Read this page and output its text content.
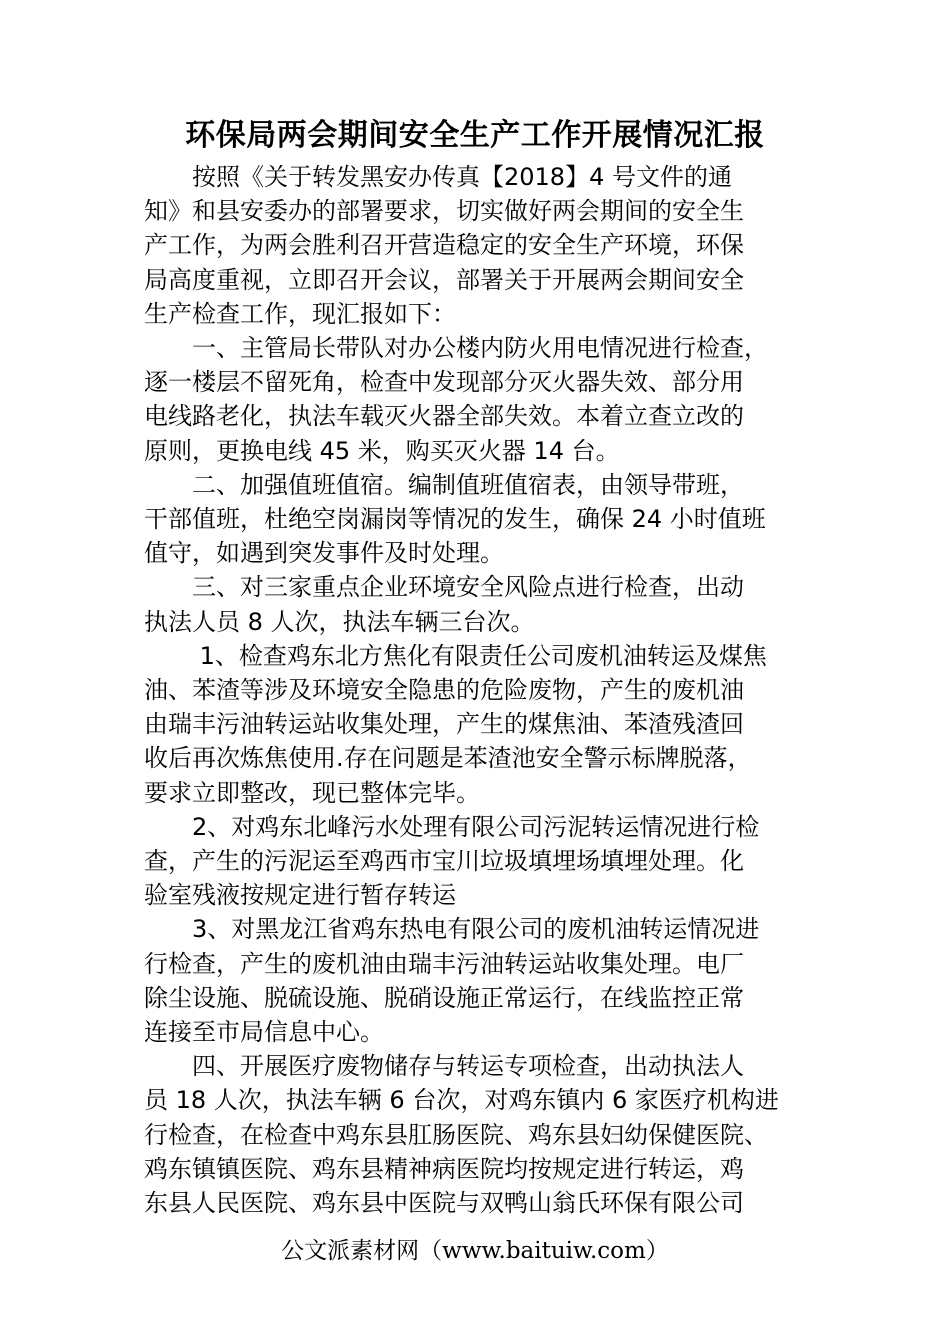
环保局两会期间安全生产工作开展情况汇报
　　按照《关于转发黑安办传真【2018】4 号文件的通
知》和县安委办的部署要求，切实做好两会期间的安全生
产工作，为两会胜利召开营造稳定的安全生产环境，环保
局高度重视，立即召开会议，部署关于开展两会期间安全
生产检查工作，现汇报如下：
　　一、主管局长带队对办公楼内防火用电情况进行检查，
逐一楼层不留死角，检查中发现部分灭火器失效、部分用
电线路老化，执法车载灭火器全部失效。本着立查立改的
原则，更换电线 45 米，购买灭火器 14 台。
　　二、加强值班值宿。编制值班值宿表，由领导带班，
干部值班，杜绝空岗漏岗等情况的发生，确保 24 小时值班
值守，如遇到突发事件及时处理。
　　三、对三家重点企业环境安全风险点进行检查，出动
执法人员 8 人次，执法车辆三台次。
　　 1、检查鸡东北方焦化有限责任公司废机油转运及煤焦
油、苯渣等涉及环境安全隐患的危险废物，产生的废机油
由瑞丰污油转运站收集处理，产生的煤焦油、苯渣残渣回
收后再次炼焦使用.存在问题是苯渣池安全警示标牌脱落，
要求立即整改，现已整体完毕。
　　2、对鸡东北峰污水处理有限公司污泥转运情况进行检
查，产生的污泥运至鸡西市宝川垃圾填埋场填埋处理。化
验室残液按规定进行暂存转运
　　3、对黑龙江省鸡东热电有限公司的废机油转运情况进
行检查，产生的废机油由瑞丰污油转运站收集处理。电厂
除尘设施、脱硫设施、脱硝设施正常运行，在线监控正常
连接至市局信息中心。
　　四、开展医疗废物储存与转运专项检查，出动执法人
员 18 人次，执法车辆 6 台次，对鸡东镇内 6 家医疗机构进
行检查，在检查中鸡东县肛肠医院、鸡东县妇幼保健医院、
鸡东镇镇医院、鸡东县精神病医院均按规定进行转运，鸡
东县人民医院、鸡东县中医院与双鸭山翁氏环保有限公司
公文派素材网（www.baituiw.com）
